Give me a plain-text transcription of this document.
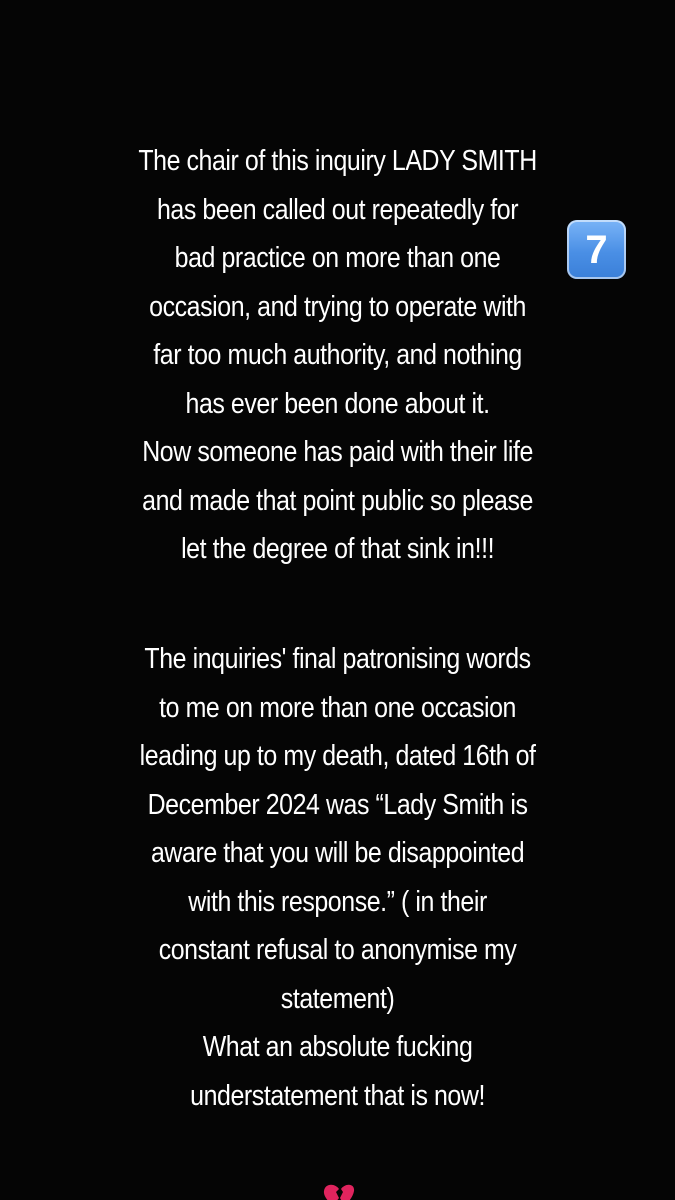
The chair of this inquiry LADY SMITH
has been called out repeatedly for
bad practice on more than one
occasion, and trying to operate with
far too much authority, and nothing
has ever been done about it.
Now someone has paid with their life
and made that point public so please
let the degree of that sink in!!!
7
The inquiries' final patronising words
to me on more than one occasion
leading up to my death, dated 16th of
December 2024 was “Lady Smith is
aware that you will be disappointed
with this response.” ( in their
constant refusal to anonymise my
statement)
What an absolute fucking
understatement that is now!
